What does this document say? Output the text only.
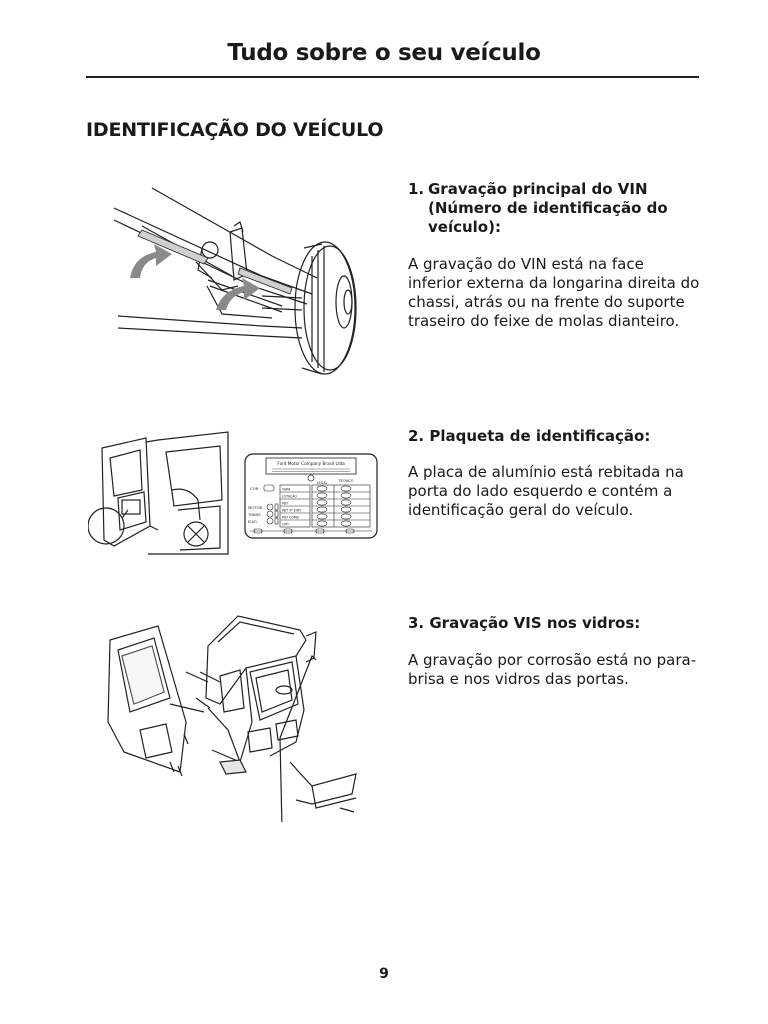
Tudo sobre o seu veículo
IDENTIFICAÇÃO DO VEÍCULO
1. Gravação principal do VIN (Número de identificação do veículo):
A gravação do VIN está na face inferior externa da longarina direita do chassi, atrás ou na frente do suporte traseiro do feixe de molas dianteiro.
2. Plaqueta de identificação:
A placa de alumínio está rebitada na porta do lado esquerdo e contém a identificação geral do veículo.
3. Gravação VIS nos vidros:
A gravação por corrosão está no para-brisa e nos vidros das portas.
Ford Motor Company Brasil Ltda
LEGAL	TÉCNICO
COR
MOTOR
TRANS
EIXO
TARA
LOTAÇÃO
PBT
PBT 3º EIXO
PBT COMB
CMT
9
